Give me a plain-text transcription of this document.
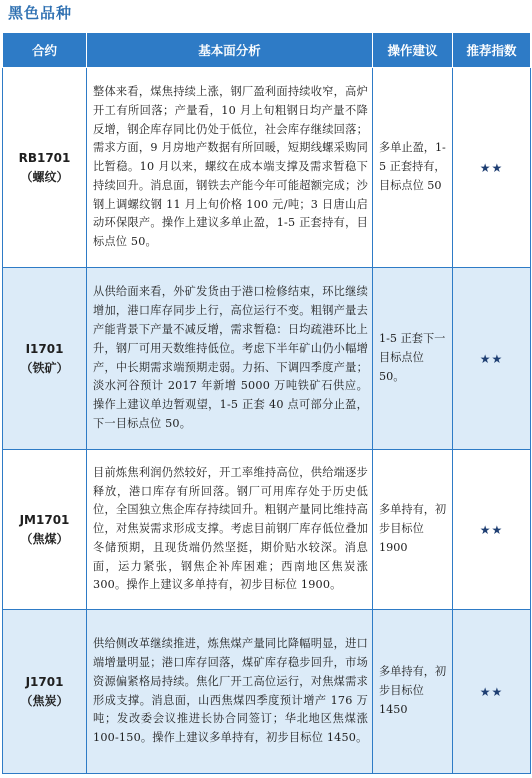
黑色品种
合约	基本面分析	操作建议	推荐指数

RB1701
（螺纹）	整体来看，煤焦持续上涨，钢厂盈利面持续收窄，高炉开工有所回落；产量看，10 月上旬粗钢日均产量不降反增，钢企库存同比仍处于低位，社会库存继续回落；需求方面，9 月房地产数据有所回暖，短期线螺采购同比暂稳。10 月以来，螺纹在成本端支撑及需求暂稳下持续回升。消息面，钢铁去产能今年可能超额完成；沙钢上调螺纹钢 11 月上旬价格 100 元/吨；3 日唐山启动环保限产。操作上建议多单止盈，1-5 正套持有，目标点位 50。	多单止盈，1-5 正套持有，目标点位 50	★★

I1701
（铁矿）	从供给面来看，外矿发货由于港口检修结束，环比继续增加，港口库存同步上行，高位运行不变。粗钢产量去产能背景下产量不减反增，需求暂稳：日均疏港环比上升，钢厂可用天数维持低位。考虑下半年矿山仍小幅增产，中长期需求端预期走弱。力拓、下调四季度产量；淡水河谷预计 2017 年新增 5000 万吨铁矿石供应。操作上建议单边暂观望，1-5 正套 40 点可部分止盈，下一目标点位 50。	1-5 正套下一目标点位 50。	★★

JM1701
（焦煤）	目前炼焦利润仍然较好，开工率维持高位，供给端逐步释放，港口库存有所回落。钢厂可用库存处于历史低位，全国独立焦企库存持续回升。粗钢产量同比维持高位，对焦炭需求形成支撑。考虑目前钢厂库存低位叠加冬储预期，且现货端仍然坚挺，期价贴水较深。消息面，运力紧张，钢焦企补库困难；西南地区焦炭涨 300。操作上建议多单持有，初步目标位 1900。	多单持有，初步目标位 1900	★★

J1701
（焦炭）	供给侧改革继续推进，炼焦煤产量同比降幅明显，进口端增量明显；港口库存回落，煤矿库存稳步回升，市场资源偏紧格局持续。焦化厂开工高位运行，对焦煤需求形成支撑。消息面，山西焦煤四季度预计增产 176 万吨；发改委会议推进长协合同签订；华北地区焦煤涨 100-150。操作上建议多单持有，初步目标位 1450。	多单持有，初步目标位 1450	★★
